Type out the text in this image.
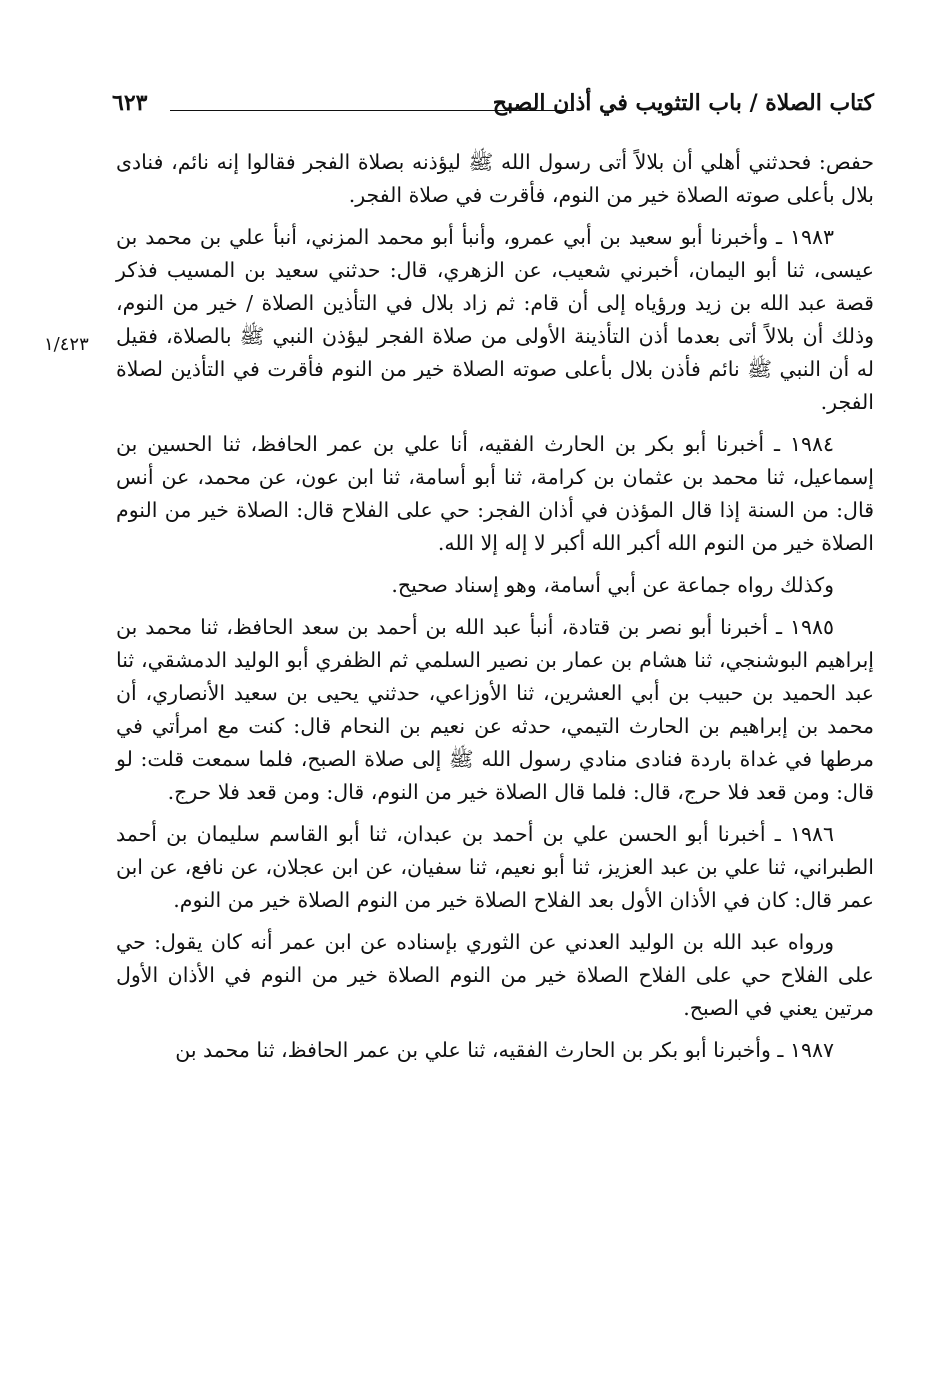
كتاب الصلاة / باب التثويب في أذان الصبح
٦٢٣
١/٤٢٣

حفص: فحدثني أهلي أن بلالاً أتى رسول الله ﷺ ليؤذنه بصلاة الفجر فقالوا إنه نائم، فنادى بلال بأعلى صوته الصلاة خير من النوم، فأقرت في صلاة الفجر.

١٩٨٣ ـ وأخبرنا أبو سعيد بن أبي عمرو، وأنبأ أبو محمد المزني، أنبأ علي بن محمد بن عيسى، ثنا أبو اليمان، أخبرني شعيب، عن الزهري، قال: حدثني سعيد بن المسيب فذكر قصة عبد الله بن زيد ورؤياه إلى أن قام: ثم زاد بلال في التأذين الصلاة / خير من النوم، وذلك أن بلالاً أتى بعدما أذن التأذينة الأولى من صلاة الفجر ليؤذن النبي ﷺ بالصلاة، فقيل له أن النبي ﷺ نائم فأذن بلال بأعلى صوته الصلاة خير من النوم فأقرت في التأذين لصلاة الفجر.

١٩٨٤ ـ أخبرنا أبو بكر بن الحارث الفقيه، أنا علي بن عمر الحافظ، ثنا الحسين بن إسماعيل، ثنا محمد بن عثمان بن كرامة، ثنا أبو أسامة، ثنا ابن عون، عن محمد، عن أنس قال: من السنة إذا قال المؤذن في أذان الفجر: حي على الفلاح قال: الصلاة خير من النوم الصلاة خير من النوم الله أكبر الله أكبر لا إله إلا الله.

وكذلك رواه جماعة عن أبي أسامة، وهو إسناد صحيح.

١٩٨٥ ـ أخبرنا أبو نصر بن قتادة، أنبأ عبد الله بن أحمد بن سعد الحافظ، ثنا محمد بن إبراهيم البوشنجي، ثنا هشام بن عمار بن نصير السلمي ثم الظفري أبو الوليد الدمشقي، ثنا عبد الحميد بن حبيب بن أبي العشرين، ثنا الأوزاعي، حدثني يحيى بن سعيد الأنصاري، أن محمد بن إبراهيم بن الحارث التيمي، حدثه عن نعيم بن النحام قال: كنت مع امرأتي في مرطها في غداة باردة فنادى منادي رسول الله ﷺ إلى صلاة الصبح، فلما سمعت قلت: لو قال: ومن قعد فلا حرج، قال: فلما قال الصلاة خير من النوم، قال: ومن قعد فلا حرج.

١٩٨٦ ـ أخبرنا أبو الحسن علي بن أحمد بن عبدان، ثنا أبو القاسم سليمان بن أحمد الطبراني، ثنا علي بن عبد العزيز، ثنا أبو نعيم، ثنا سفيان، عن ابن عجلان، عن نافع، عن ابن عمر قال: كان في الأذان الأول بعد الفلاح الصلاة خير من النوم الصلاة خير من النوم.

ورواه عبد الله بن الوليد العدني عن الثوري بإسناده عن ابن عمر أنه كان يقول: حي على الفلاح حي على الفلاح الصلاة خير من النوم الصلاة خير من النوم في الأذان الأول مرتين يعني في الصبح.

١٩٨٧ ـ وأخبرنا أبو بكر بن الحارث الفقيه، ثنا علي بن عمر الحافظ، ثنا محمد بن
